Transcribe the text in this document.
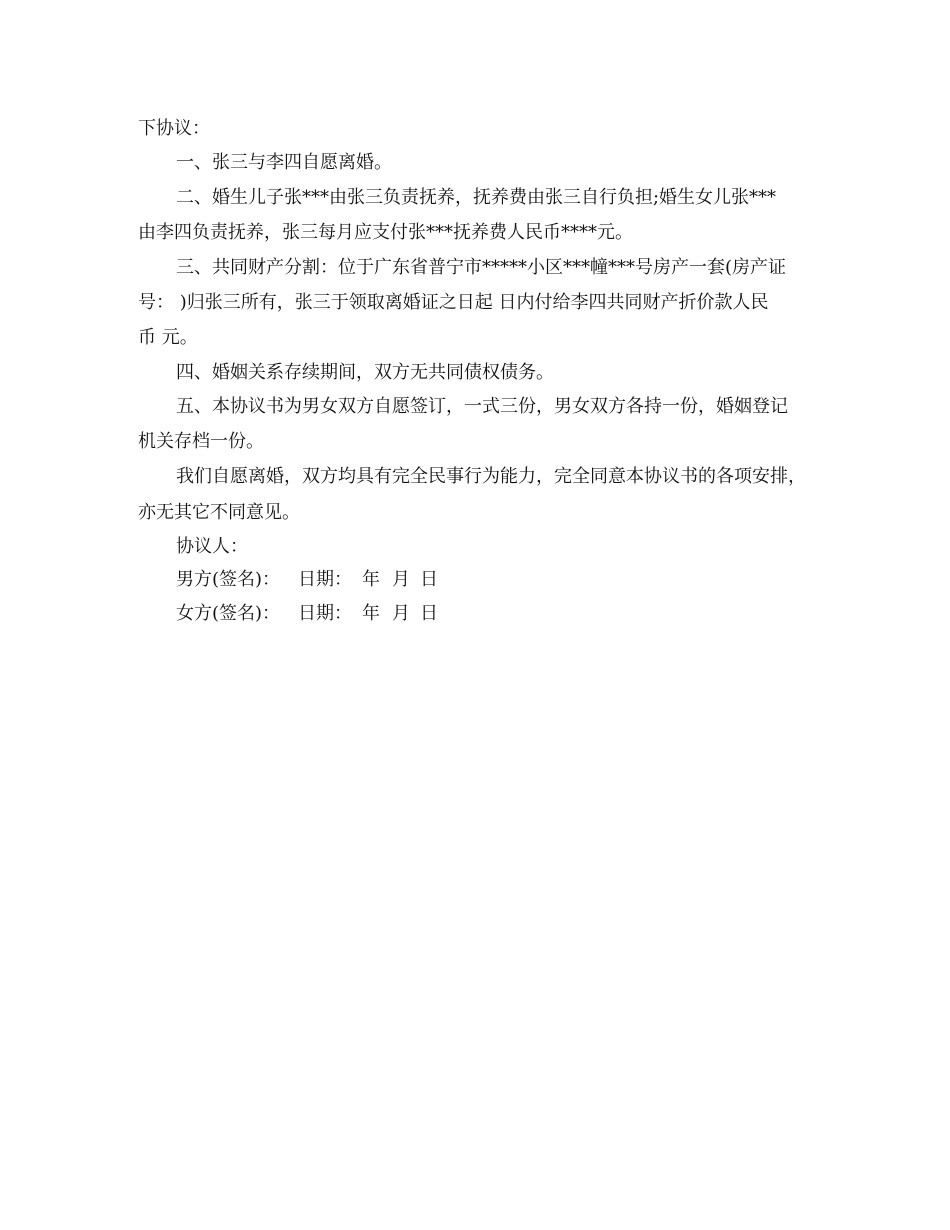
下协议：
一、张三与李四自愿离婚。
二、婚生儿子张***由张三负责抚养，抚养费由张三自行负担;婚生女儿张***
由李四负责抚养，张三每月应支付张***抚养费人民币****元。
三、共同财产分割：位于广东省普宁市*****小区***幢***号房产一套(房产证
号： )归张三所有，张三于领取离婚证之日起 日内付给李四共同财产折价款人民
币 元。
四、婚姻关系存续期间，双方无共同债权债务。
五、本协议书为男女双方自愿签订，一式三份，男女双方各持一份，婚姻登记
机关存档一份。
我们自愿离婚，双方均具有完全民事行为能力，完全同意本协议书的各项安排，
亦无其它不同意见。
协议人：
男方(签名)： 日期： 年 月 日
女方(签名)： 日期： 年 月 日
